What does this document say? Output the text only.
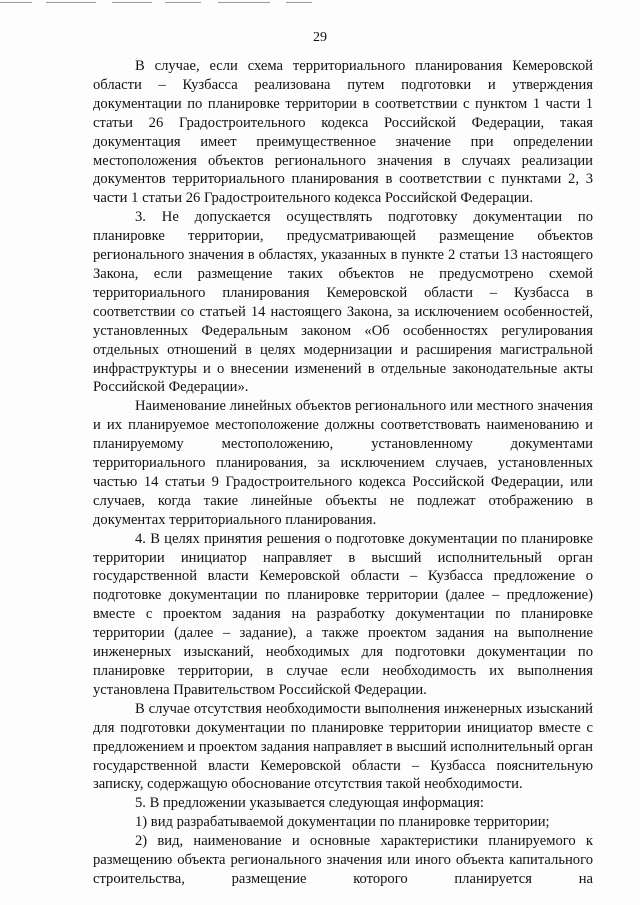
29

В случае, если схема территориального планирования Кемеровской области – Кузбасса реализована путем подготовки и утверждения документации по планировке территории в соответствии с пунктом 1 части 1 статьи 26 Градостроительного кодекса Российской Федерации, такая документация имеет преимущественное значение при определении местоположения объектов регионального значения в случаях реализации документов территориального планирования в соответствии с пунктами 2, 3 части 1 статьи 26 Градостроительного кодекса Российской Федерации.

3. Не допускается осуществлять подготовку документации по планировке территории, предусматривающей размещение объектов регионального значения в областях, указанных в пункте 2 статьи 13 настоящего Закона, если размещение таких объектов не предусмотрено схемой территориального планирования Кемеровской области – Кузбасса в соответствии со статьей 14 настоящего Закона, за исключением особенностей, установленных Федеральным законом «Об особенностях регулирования отдельных отношений в целях модернизации и расширения магистральной инфраструктуры и о внесении изменений в отдельные законодательные акты Российской Федерации».

Наименование линейных объектов регионального или местного значения и их планируемое местоположение должны соответствовать наименованию и планируемому местоположению, установленному документами территориального планирования, за исключением случаев, установленных частью 14 статьи 9 Градостроительного кодекса Российской Федерации, или случаев, когда такие линейные объекты не подлежат отображению в документах территориального планирования.

4. В целях принятия решения о подготовке документации по планировке территории инициатор направляет в высший исполнительный орган государственной власти Кемеровской области – Кузбасса предложение о подготовке документации по планировке территории (далее – предложение) вместе с проектом задания на разработку документации по планировке территории (далее – задание), а также проектом задания на выполнение инженерных изысканий, необходимых для подготовки документации по планировке территории, в случае если необходимость их выполнения установлена Правительством Российской Федерации.

В случае отсутствия необходимости выполнения инженерных изысканий для подготовки документации по планировке территории инициатор вместе с предложением и проектом задания направляет в высший исполнительный орган государственной власти Кемеровской области – Кузбасса пояснительную записку, содержащую обоснование отсутствия такой необходимости.

5. В предложении указывается следующая информация:

1) вид разрабатываемой документации по планировке территории;

2) вид, наименование и основные характеристики планируемого к размещению объекта регионального значения или иного объекта капитального строительства, размещение которого планируется на
